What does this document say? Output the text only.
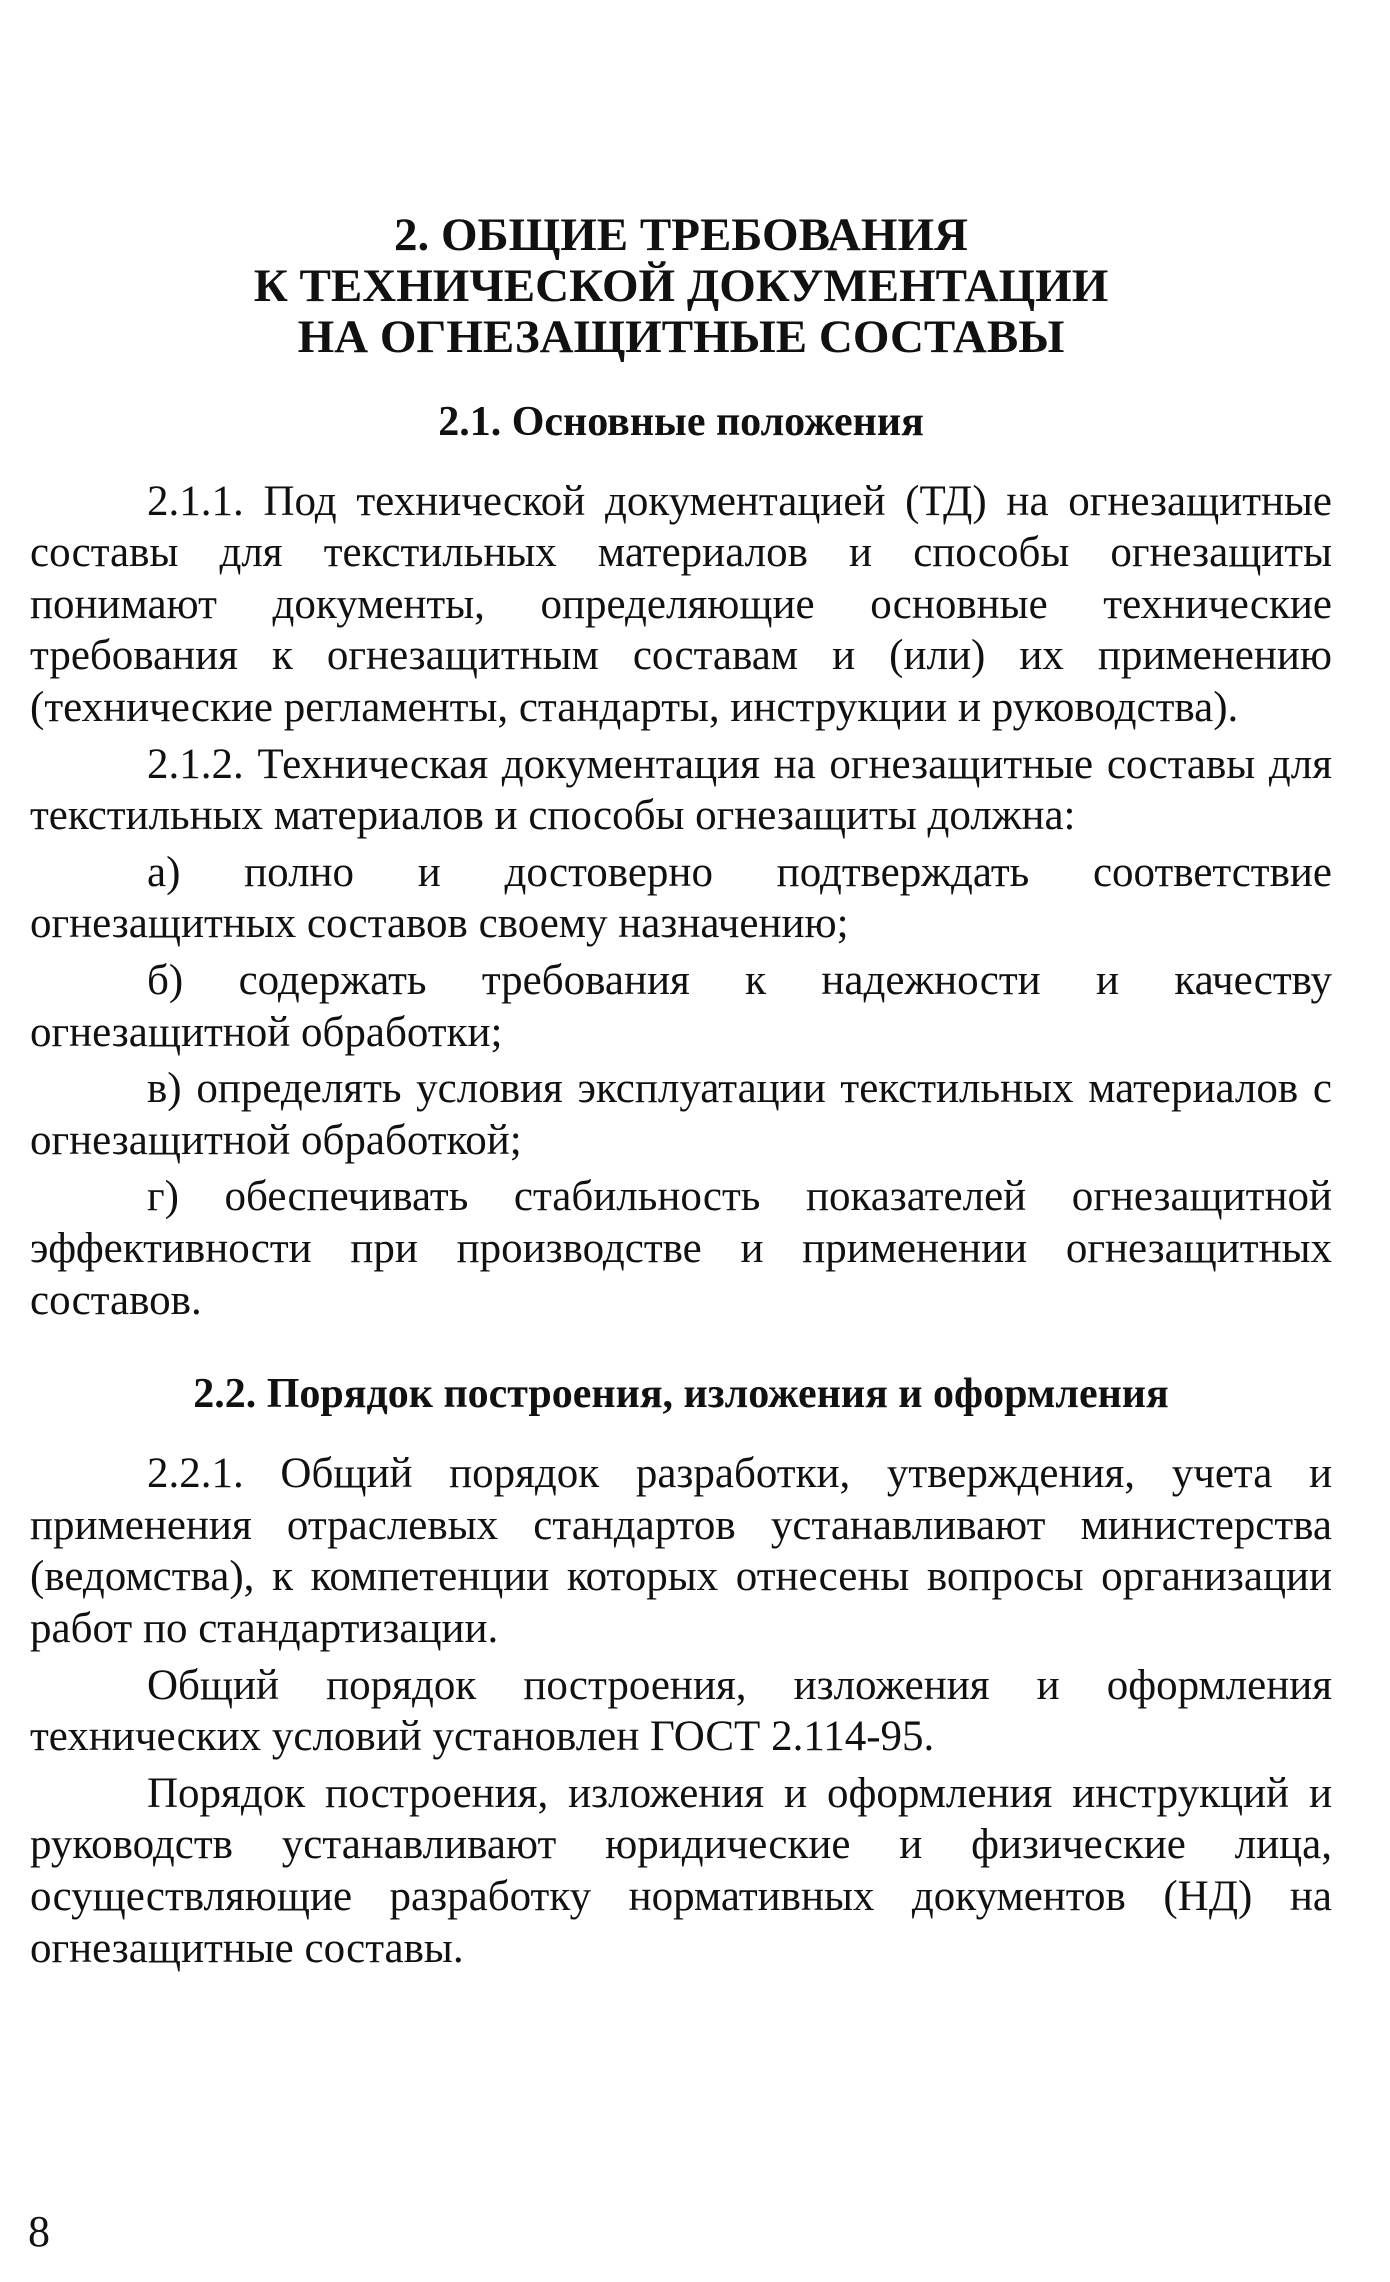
2. ОБЩИЕ ТРЕБОВАНИЯ
К ТЕХНИЧЕСКОЙ ДОКУМЕНТАЦИИ
НА ОГНЕЗАЩИТНЫЕ СОСТАВЫ
2.1. Основные положения

2.1.1. Под технической документацией (ТД) на огнезащитные составы для текстильных материалов и способы огнезащиты понимают документы, определяющие основные технические требования к огнезащитным составам и (или) их применению (технические регламенты, стандарты, инструкции и руководства).

2.1.2. Техническая документация на огнезащитные составы для текстильных материалов и способы огнезащиты должна:

а) полно и достоверно подтверждать соответствие огнезащитных составов своему назначению;

б) содержать требования к надежности и качеству огнезащитной обработки;

в) определять условия эксплуатации текстильных материалов с огнезащитной обработкой;

г) обеспечивать стабильность показателей огнезащитной эффективности при производстве и применении огнезащитных составов.

2.2. Порядок построения, изложения и оформления

2.2.1. Общий порядок разработки, утверждения, учета и применения отраслевых стандартов устанавливают министерства (ведомства), к компетенции которых отнесены вопросы организации работ по стандартизации.

Общий порядок построения, изложения и оформления технических условий установлен ГОСТ 2.114-95.

Порядок построения, изложения и оформления инструкций и руководств устанавливают юридические и физические лица, осуществляющие разработку нормативных документов (НД) на огнезащитные составы.

8
